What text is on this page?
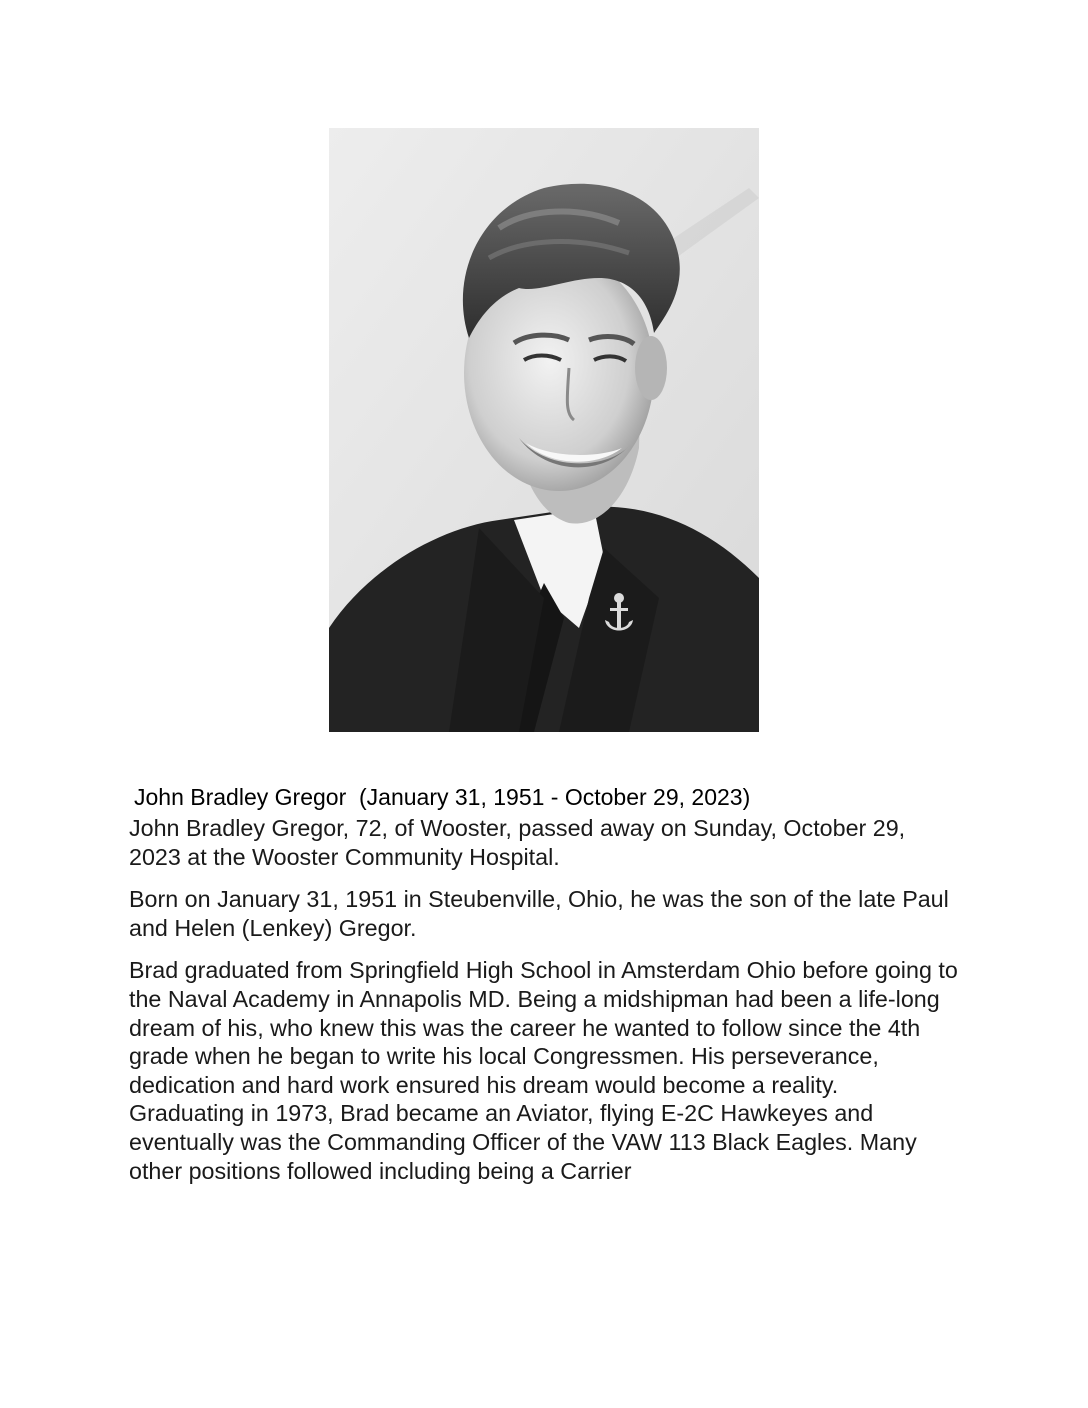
John Bradley Gregor  (January 31, 1951 - October 29, 2023)

John Bradley Gregor, 72, of Wooster, passed away on Sunday, October 29, 2023 at the Wooster Community Hospital.

Born on January 31, 1951 in Steubenville, Ohio, he was the son of the late Paul and Helen (Lenkey) Gregor.

Brad graduated from Springfield High School in Amsterdam Ohio before going to the Naval Academy in Annapolis MD. Being a midshipman had been a life-long dream of his, who knew this was the career he wanted to follow since the 4th grade when he began to write his local Congressmen. His perseverance, dedication and hard work ensured his dream would become a reality. Graduating in 1973, Brad became an Aviator, flying E-2C Hawkeyes and eventually was the Commanding Officer of the VAW 113 Black Eagles. Many other positions followed including being a Carrier
